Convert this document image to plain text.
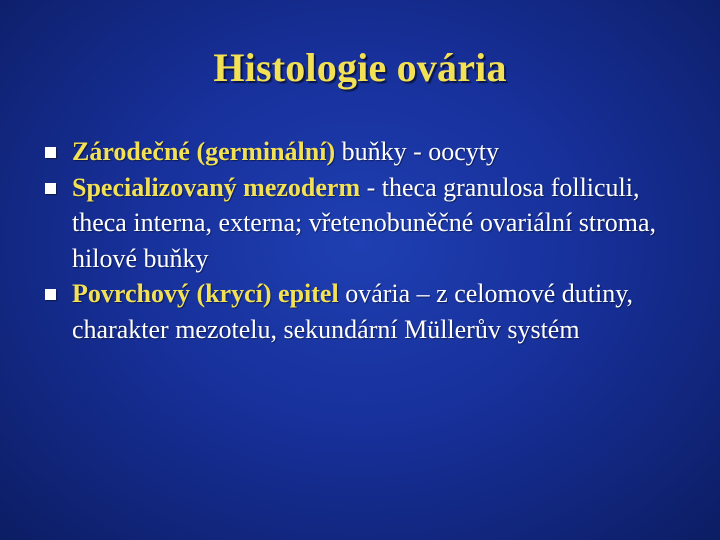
Histologie ovária
Zárodečné (germinální) buňky - oocyty
Specializovaný mezoderm - theca granulosa folliculi, theca interna, externa; vřetenobuněčné ovariální stroma, hilové buňky
Povrchový (krycí) epitel ovária – z celomové dutiny, charakter mezotelu, sekundární Müllerův systém
